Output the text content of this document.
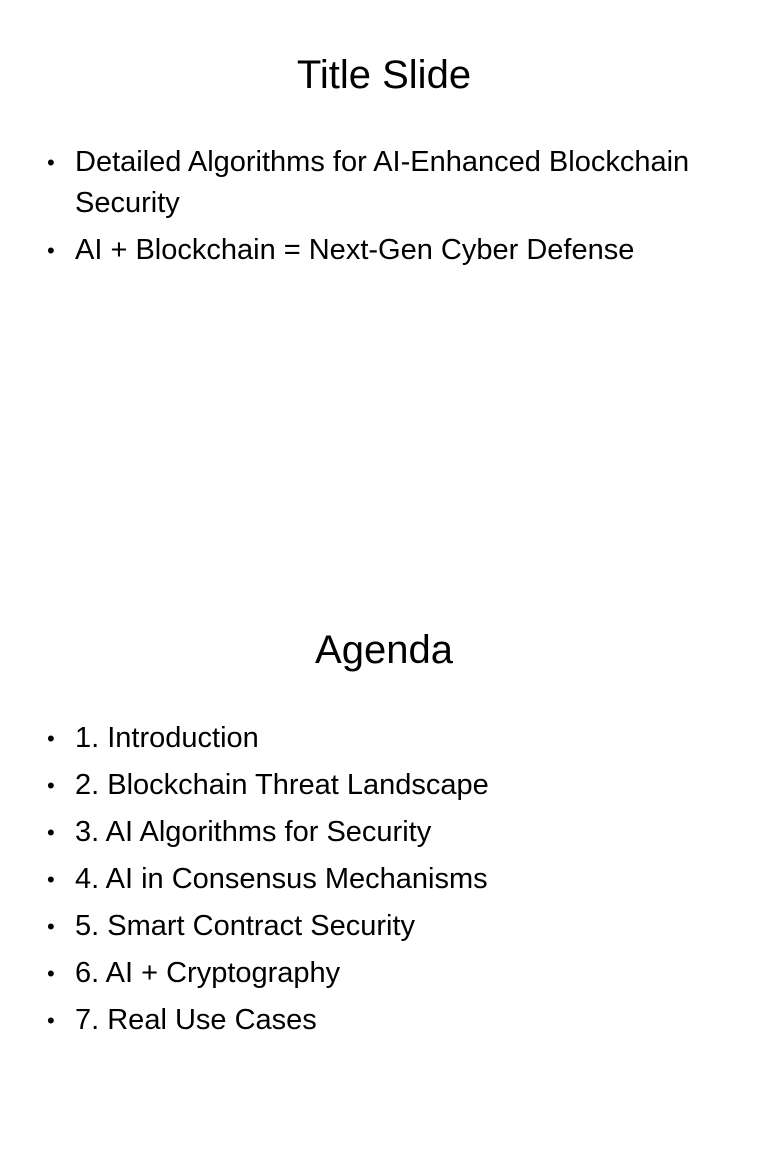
Title Slide
• Detailed Algorithms for AI-Enhanced Blockchain Security
• AI + Blockchain = Next-Gen Cyber Defense
Agenda
• 1. Introduction
• 2. Blockchain Threat Landscape
• 3. AI Algorithms for Security
• 4. AI in Consensus Mechanisms
• 5. Smart Contract Security
• 6. AI + Cryptography
• 7. Real Use Cases
